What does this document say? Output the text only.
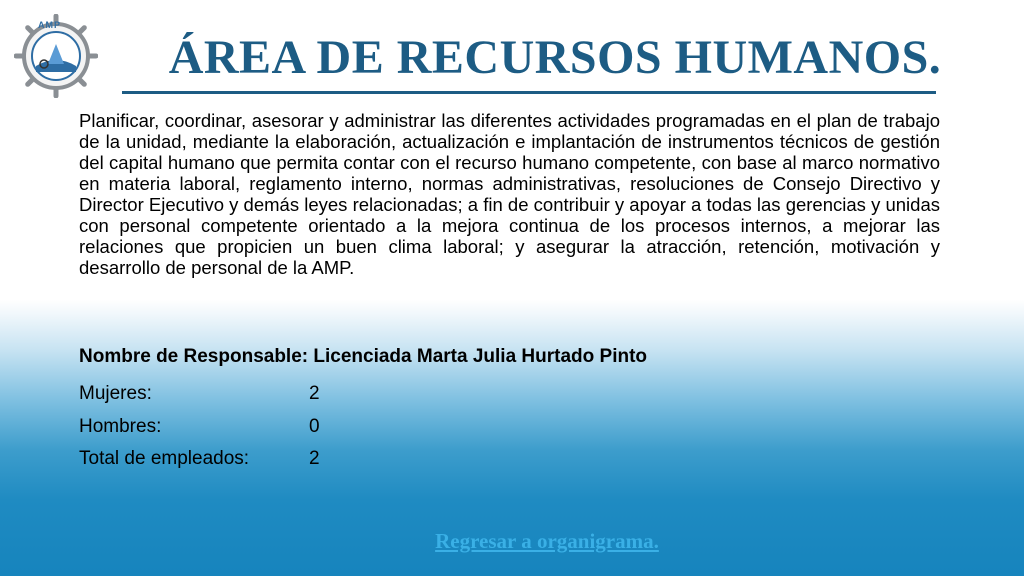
AMP
ÁREA DE RECURSOS HUMANOS.

Planificar, coordinar, asesorar y administrar las diferentes actividades programadas en el plan de trabajo de la unidad, mediante la elaboración, actualización e implantación de instrumentos técnicos de gestión del capital humano que permita contar con el recurso humano competente, con base al marco normativo en materia laboral, reglamento interno, normas administrativas, resoluciones de Consejo Directivo y Director Ejecutivo y demás leyes relacionadas; a fin de contribuir y apoyar a todas las gerencias y unidas con personal competente orientado a la mejora continua de los procesos internos, a mejorar las relaciones que propicien un buen clima laboral; y asegurar la atracción, retención, motivación y desarrollo de personal de la AMP.

Nombre de Responsable: Licenciada Marta Julia Hurtado Pinto

Mujeres:	2
Hombres:	0
Total de empleados:	2
Regresar a organigrama.
